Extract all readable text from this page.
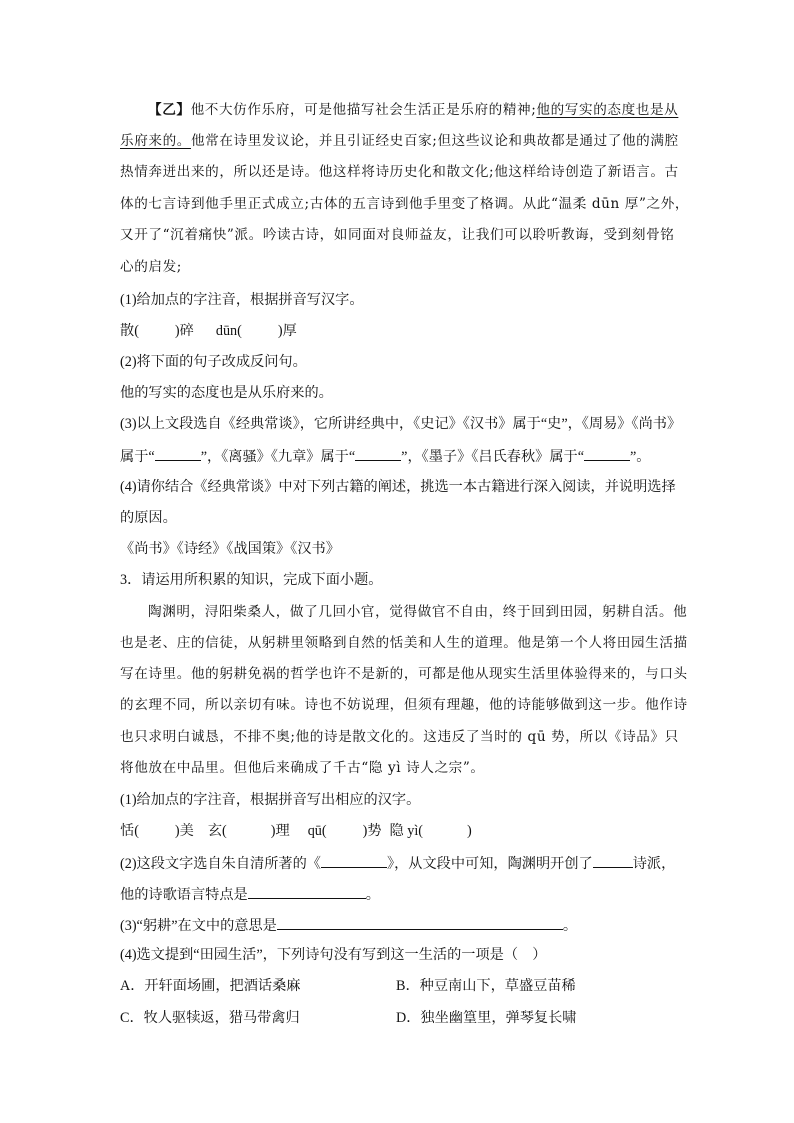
【乙】他不大仿作乐府，可是他描写社会生活正是乐府的精神;他的写实的态度也是从
乐府来的。他常在诗里发议论，并且引证经史百家;但这些议论和典故都是通过了他的满腔
热情奔迸出来的，所以还是诗。他这样将诗历史化和散文化;他这样给诗创造了新语言。古
体的七言诗到他手里正式成立;古体的五言诗到他手里变了格调。从此“温柔 dūn 厚”之外，
又开了“沉着痛快”派。吟读古诗，如同面对良师益友，让我们可以聆听教诲，受到刻骨铭
心的启发;
(1)给加点的字注音，根据拼音写汉字。
散(	)碎 dūn(	)厚
(2)将下面的句子改成反问句。
他的写实的态度也是从乐府来的。
(3)以上文段选自《经典常谈》，它所讲经典中，《史记》《汉书》属于“史”，《周易》《尚书》
属于“	”，《离骚》《九章》属于“	”，《墨子》《吕氏春秋》属于“	”。
(4)请你结合《经典常谈》中对下列古籍的阐述，挑选一本古籍进行深入阅读，并说明选择
的原因。
《尚书》《诗经》《战国策》《汉书》
3．请运用所积累的知识，完成下面小题。
陶渊明，浔阳柴桑人，做了几回小官，觉得做官不自由，终于回到田园，躬耕自活。他
也是老、庄的信徒，从躬耕里领略到自然的恬美和人生的道理。他是第一个人将田园生活描
写在诗里。他的躬耕免祸的哲学也许不是新的，可都是他从现实生活里体验得来的，与口头
的玄理不同，所以亲切有味。诗也不妨说理，但须有理趣，他的诗能够做到这一步。他作诗
也只求明白诚恳，不排不奥;他的诗是散文化的。这违反了当时的 qū 势，所以《诗品》只
将他放在中品里。但他后来确成了千古“隐 yì 诗人之宗”。
(1)给加点的字注音，根据拼音写出相应的汉字。
恬(	)美 玄(	)理 qū(	)势 隐 yì(	)
(2)这段文字选自朱自清所著的《	》，从文段中可知，陶渊明开创了	诗派，
他的诗歌语言特点是	。
(3)“躬耕”在文中的意思是	。
(4)选文提到“田园生活”，下列诗句没有写到这一生活的一项是（　）
A．开轩面场圃，把酒话桑麻	B．种豆南山下，草盛豆苗稀
C．牧人驱犊返，猎马带禽归	D．独坐幽篁里，弹琴复长啸
